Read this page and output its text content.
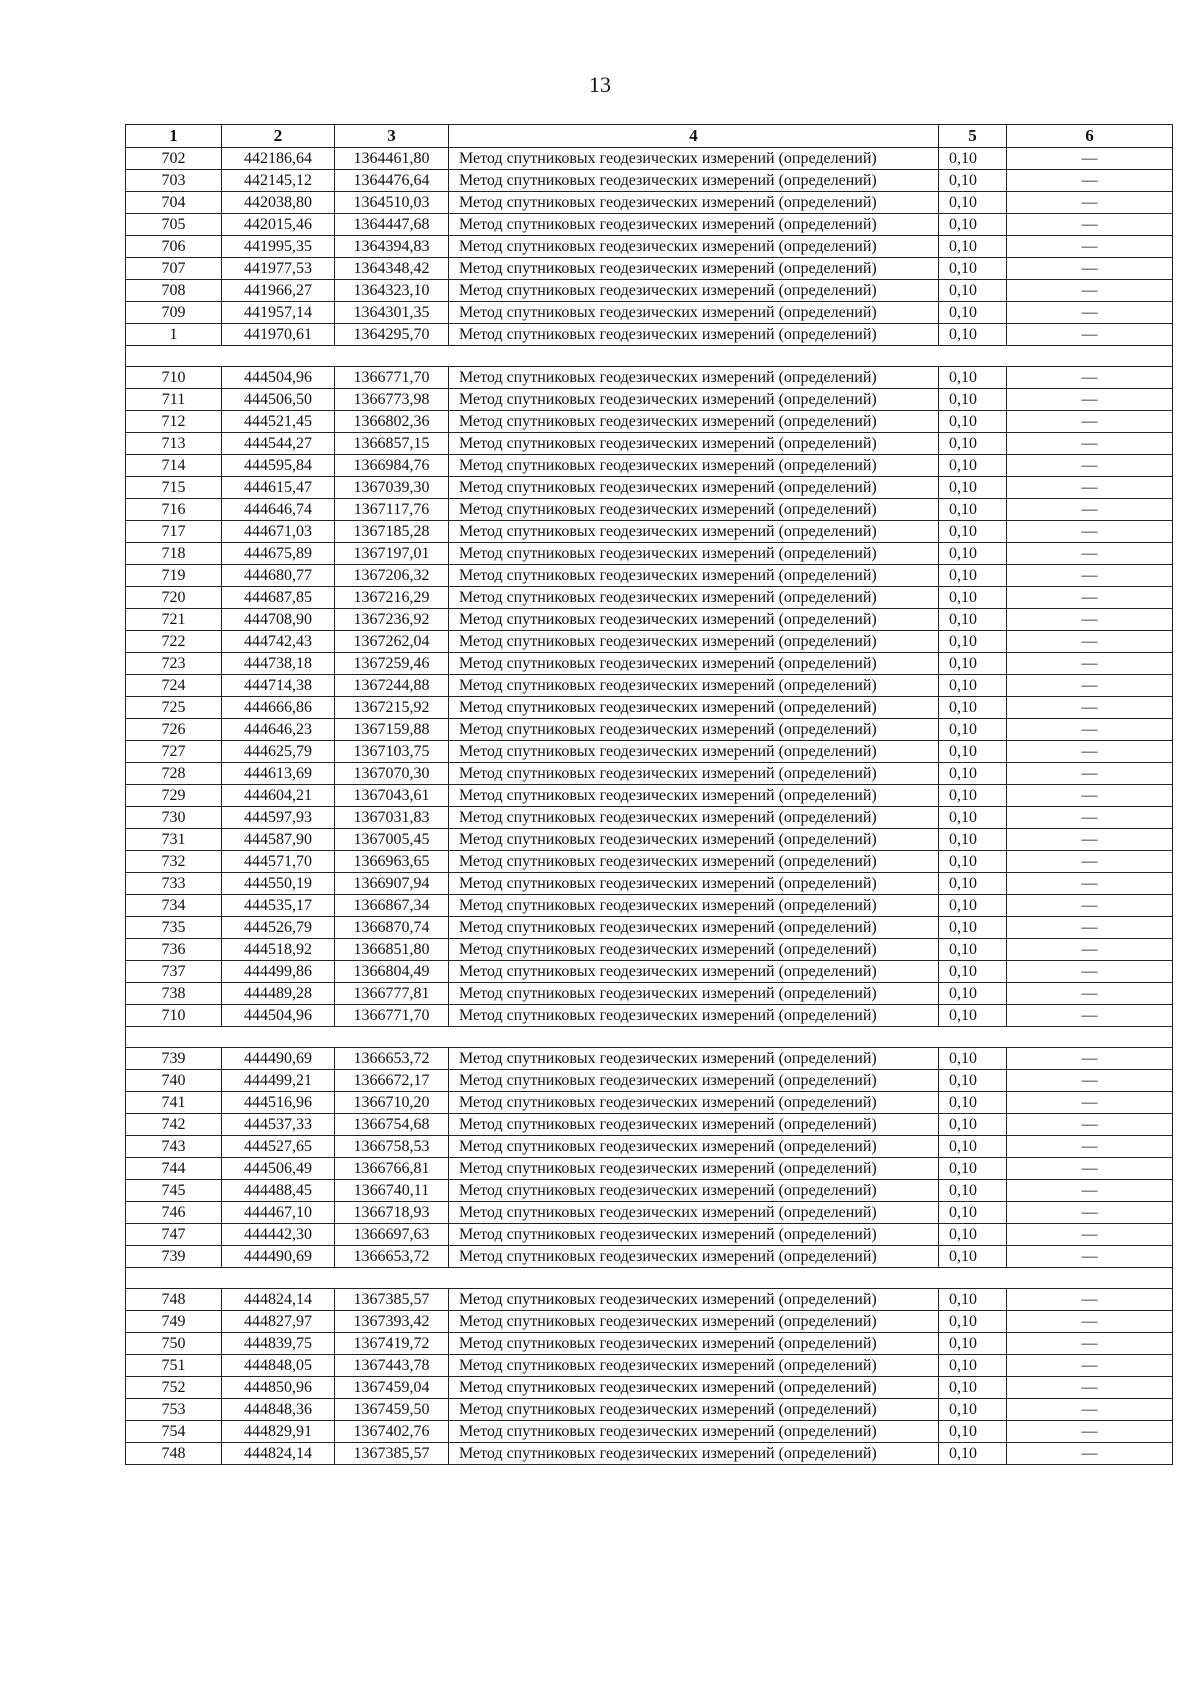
13
1	2	3	4	5	6
702	442186,64	1364461,80	Метод спутниковых геодезических измерений (определений)	0,10	—
703	442145,12	1364476,64	Метод спутниковых геодезических измерений (определений)	0,10	—
704	442038,80	1364510,03	Метод спутниковых геодезических измерений (определений)	0,10	—
705	442015,46	1364447,68	Метод спутниковых геодезических измерений (определений)	0,10	—
706	441995,35	1364394,83	Метод спутниковых геодезических измерений (определений)	0,10	—
707	441977,53	1364348,42	Метод спутниковых геодезических измерений (определений)	0,10	—
708	441966,27	1364323,10	Метод спутниковых геодезических измерений (определений)	0,10	—
709	441957,14	1364301,35	Метод спутниковых геодезических измерений (определений)	0,10	—
1	441970,61	1364295,70	Метод спутниковых геодезических измерений (определений)	0,10	—

710	444504,96	1366771,70	Метод спутниковых геодезических измерений (определений)	0,10	—
711	444506,50	1366773,98	Метод спутниковых геодезических измерений (определений)	0,10	—
712	444521,45	1366802,36	Метод спутниковых геодезических измерений (определений)	0,10	—
713	444544,27	1366857,15	Метод спутниковых геодезических измерений (определений)	0,10	—
714	444595,84	1366984,76	Метод спутниковых геодезических измерений (определений)	0,10	—
715	444615,47	1367039,30	Метод спутниковых геодезических измерений (определений)	0,10	—
716	444646,74	1367117,76	Метод спутниковых геодезических измерений (определений)	0,10	—
717	444671,03	1367185,28	Метод спутниковых геодезических измерений (определений)	0,10	—
718	444675,89	1367197,01	Метод спутниковых геодезических измерений (определений)	0,10	—
719	444680,77	1367206,32	Метод спутниковых геодезических измерений (определений)	0,10	—
720	444687,85	1367216,29	Метод спутниковых геодезических измерений (определений)	0,10	—
721	444708,90	1367236,92	Метод спутниковых геодезических измерений (определений)	0,10	—
722	444742,43	1367262,04	Метод спутниковых геодезических измерений (определений)	0,10	—
723	444738,18	1367259,46	Метод спутниковых геодезических измерений (определений)	0,10	—
724	444714,38	1367244,88	Метод спутниковых геодезических измерений (определений)	0,10	—
725	444666,86	1367215,92	Метод спутниковых геодезических измерений (определений)	0,10	—
726	444646,23	1367159,88	Метод спутниковых геодезических измерений (определений)	0,10	—
727	444625,79	1367103,75	Метод спутниковых геодезических измерений (определений)	0,10	—
728	444613,69	1367070,30	Метод спутниковых геодезических измерений (определений)	0,10	—
729	444604,21	1367043,61	Метод спутниковых геодезических измерений (определений)	0,10	—
730	444597,93	1367031,83	Метод спутниковых геодезических измерений (определений)	0,10	—
731	444587,90	1367005,45	Метод спутниковых геодезических измерений (определений)	0,10	—
732	444571,70	1366963,65	Метод спутниковых геодезических измерений (определений)	0,10	—
733	444550,19	1366907,94	Метод спутниковых геодезических измерений (определений)	0,10	—
734	444535,17	1366867,34	Метод спутниковых геодезических измерений (определений)	0,10	—
735	444526,79	1366870,74	Метод спутниковых геодезических измерений (определений)	0,10	—
736	444518,92	1366851,80	Метод спутниковых геодезических измерений (определений)	0,10	—
737	444499,86	1366804,49	Метод спутниковых геодезических измерений (определений)	0,10	—
738	444489,28	1366777,81	Метод спутниковых геодезических измерений (определений)	0,10	—
710	444504,96	1366771,70	Метод спутниковых геодезических измерений (определений)	0,10	—

739	444490,69	1366653,72	Метод спутниковых геодезических измерений (определений)	0,10	—
740	444499,21	1366672,17	Метод спутниковых геодезических измерений (определений)	0,10	—
741	444516,96	1366710,20	Метод спутниковых геодезических измерений (определений)	0,10	—
742	444537,33	1366754,68	Метод спутниковых геодезических измерений (определений)	0,10	—
743	444527,65	1366758,53	Метод спутниковых геодезических измерений (определений)	0,10	—
744	444506,49	1366766,81	Метод спутниковых геодезических измерений (определений)	0,10	—
745	444488,45	1366740,11	Метод спутниковых геодезических измерений (определений)	0,10	—
746	444467,10	1366718,93	Метод спутниковых геодезических измерений (определений)	0,10	—
747	444442,30	1366697,63	Метод спутниковых геодезических измерений (определений)	0,10	—
739	444490,69	1366653,72	Метод спутниковых геодезических измерений (определений)	0,10	—

748	444824,14	1367385,57	Метод спутниковых геодезических измерений (определений)	0,10	—
749	444827,97	1367393,42	Метод спутниковых геодезических измерений (определений)	0,10	—
750	444839,75	1367419,72	Метод спутниковых геодезических измерений (определений)	0,10	—
751	444848,05	1367443,78	Метод спутниковых геодезических измерений (определений)	0,10	—
752	444850,96	1367459,04	Метод спутниковых геодезических измерений (определений)	0,10	—
753	444848,36	1367459,50	Метод спутниковых геодезических измерений (определений)	0,10	—
754	444829,91	1367402,76	Метод спутниковых геодезических измерений (определений)	0,10	—
748	444824,14	1367385,57	Метод спутниковых геодезических измерений (определений)	0,10	—
